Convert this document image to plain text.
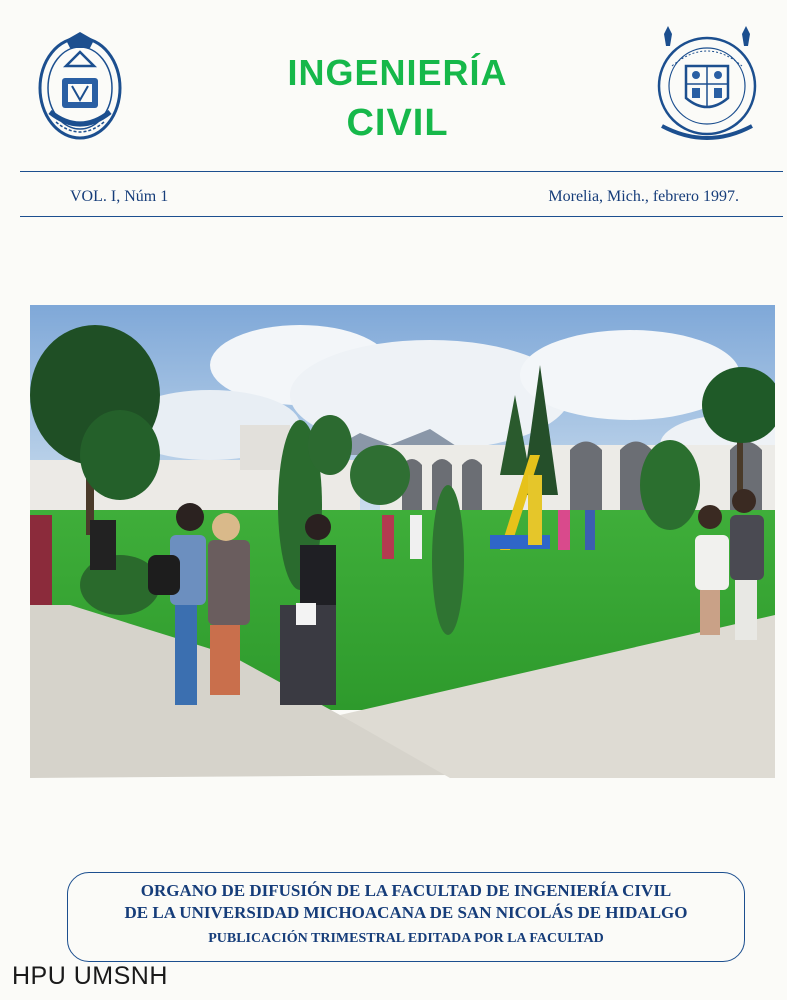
INGENIERÍA
CIVIL
VOL. I, Núm 1	Morelia, Mich., febrero 1997.
ORGANO DE DIFUSIÓN DE LA FACULTAD DE INGENIERÍA CIVIL
DE LA UNIVERSIDAD MICHOACANA DE SAN NICOLÁS DE HIDALGO
PUBLICACIÓN TRIMESTRAL EDITADA POR LA FACULTAD
HPU UMSNH
